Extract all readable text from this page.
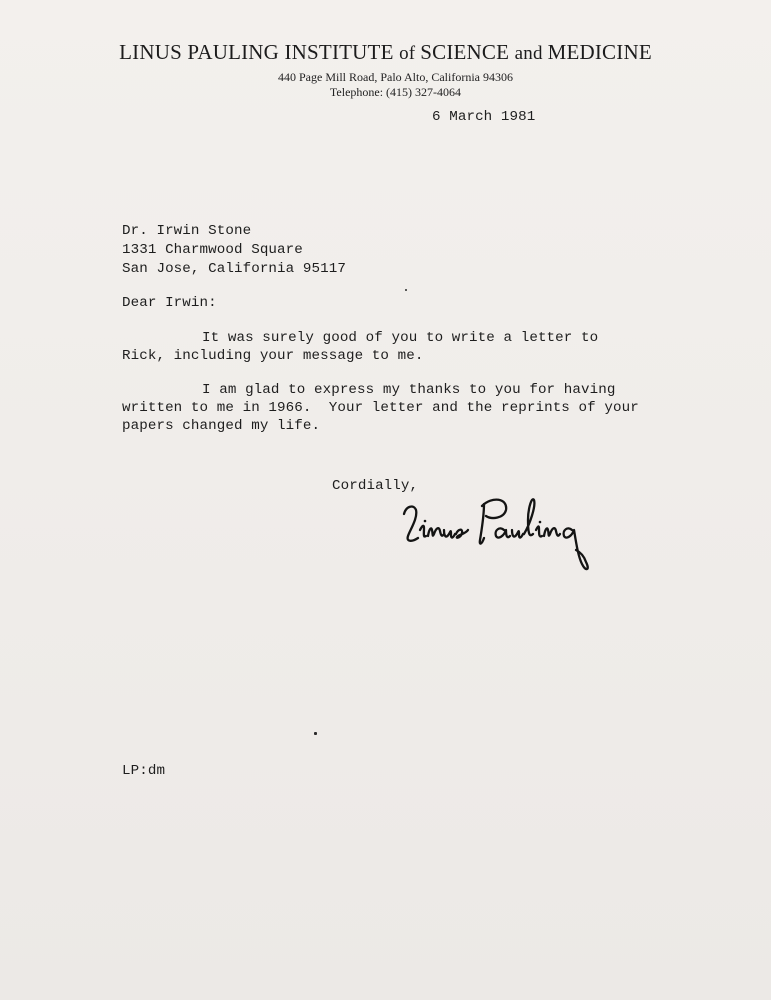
LINUS PAULING INSTITUTE of SCIENCE and MEDICINE
440 Page Mill Road, Palo Alto, California 94306
Telephone: (415) 327-4064
6 March 1981
Dr. Irwin Stone
1331 Charmwood Square
San Jose, California 95117
Dear Irwin:
It was surely good of you to write a letter to
Rick, including your message to me.
I am glad to express my thanks to you for having
written to me in 1966.  Your letter and the reprints of your
papers changed my life.
Cordially,
LP:dm
